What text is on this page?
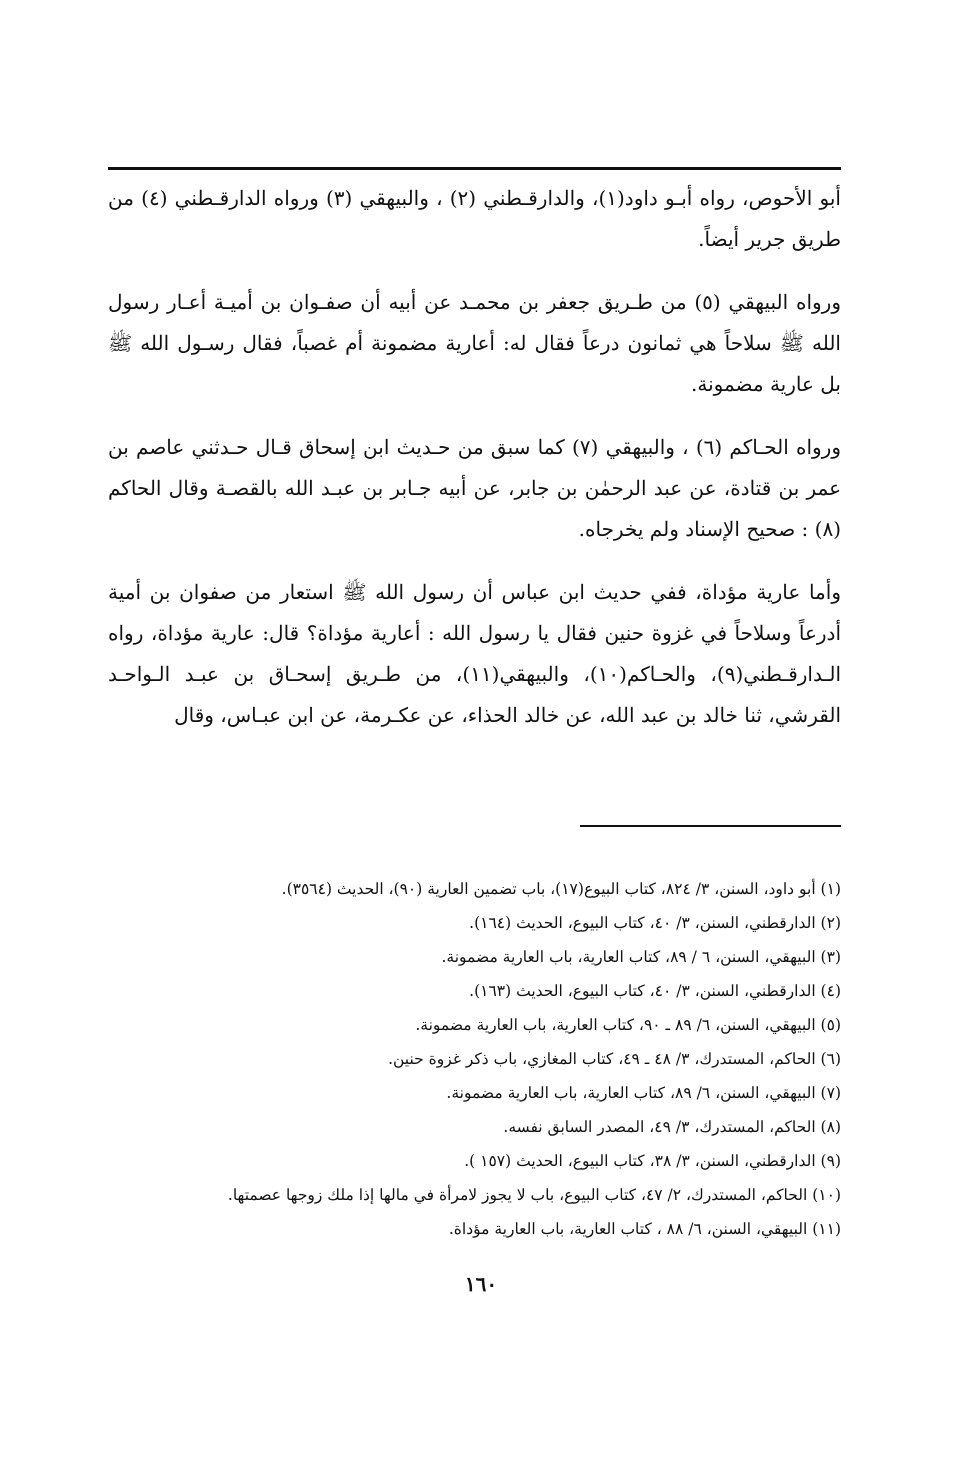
أبو الأحوص، رواه أبـو داود(١)، والدارقـطني (٢) ، والبيهقي (٣) ورواه الدارقـطني (٤) من طريق جرير أيضاً.

ورواه البيهقي (٥) من طـريق جعفر بن محمـد عن أبيه أن صفـوان بن أميـة أعـار رسول الله ﷺ سلاحاً هي ثمانون درعاً فقال له: أعارية مضمونة أم غصباً، فقال رسـول الله ﷺ بل عارية مضمونة.

ورواه الحـاكم (٦) ، والبيهقي (٧) كما سبق من حـديث ابن إسحاق قـال حـدثني عاصم بن عمر بن قتادة، عن عبد الرحمٰن بن جابر، عن أبيه جـابر بن عبـد الله بالقصـة وقال الحاكم (٨) : صحيح الإسناد ولم يخرجاه.

وأما عارية مؤداة، ففي حديث ابن عباس أن رسول الله ﷺ استعار من صفوان بن أمية أدرعاً وسلاحاً في غزوة حنين فقال يا رسول الله : أعارية مؤداة؟ قال: عارية مؤداة، رواه الـدارقـطني(٩)، والحـاكم(١٠)، والبيهقي(١١)، من طـريق إسحـاق بن عبـد الـواحـد القرشي، ثنا خالد بن عبد الله، عن خالد الحذاء، عن عكـرمة، عن ابن عبـاس، وقال

(١) أبو داود، السنن، ٣/ ٨٢٤، كتاب البيوع(١٧)، باب تضمين العارية (٩٠)، الحديث (٣٥٦٤).
(٢) الدارقطني، السنن، ٣/ ٤٠، كتاب البيوع، الحديث (١٦٤).
(٣) البيهقي، السنن، ٦ / ٨٩، كتاب العارية، باب العارية مضمونة.
(٤) الدارقطني، السنن، ٣/ ٤٠، كتاب البيوع، الحديث (١٦٣).
(٥) البيهقي، السنن، ٦/ ٨٩ ـ ٩٠، كتاب العارية، باب العارية مضمونة.
(٦) الحاكم، المستدرك، ٣/ ٤٨ ـ ٤٩، كتاب المغازي، باب ذكر غزوة حنين.
(٧) البيهقي، السنن، ٦/ ٨٩، كتاب العارية، باب العارية مضمونة.
(٨) الحاكم، المستدرك، ٣/ ٤٩، المصدر السابق نفسه.
(٩) الدارقطني، السنن، ٣/ ٣٨، كتاب البيوع، الحديث (١٥٧ ).
(١٠) الحاكم، المستدرك، ٢/ ٤٧، كتاب البيوع، باب لا يجوز لامرأة في مالها إذا ملك زوجها عصمتها.
(١١) البيهقي، السنن، ٦/ ٨٨ ، كتاب العارية، باب العارية مؤداة.
١٦٠
